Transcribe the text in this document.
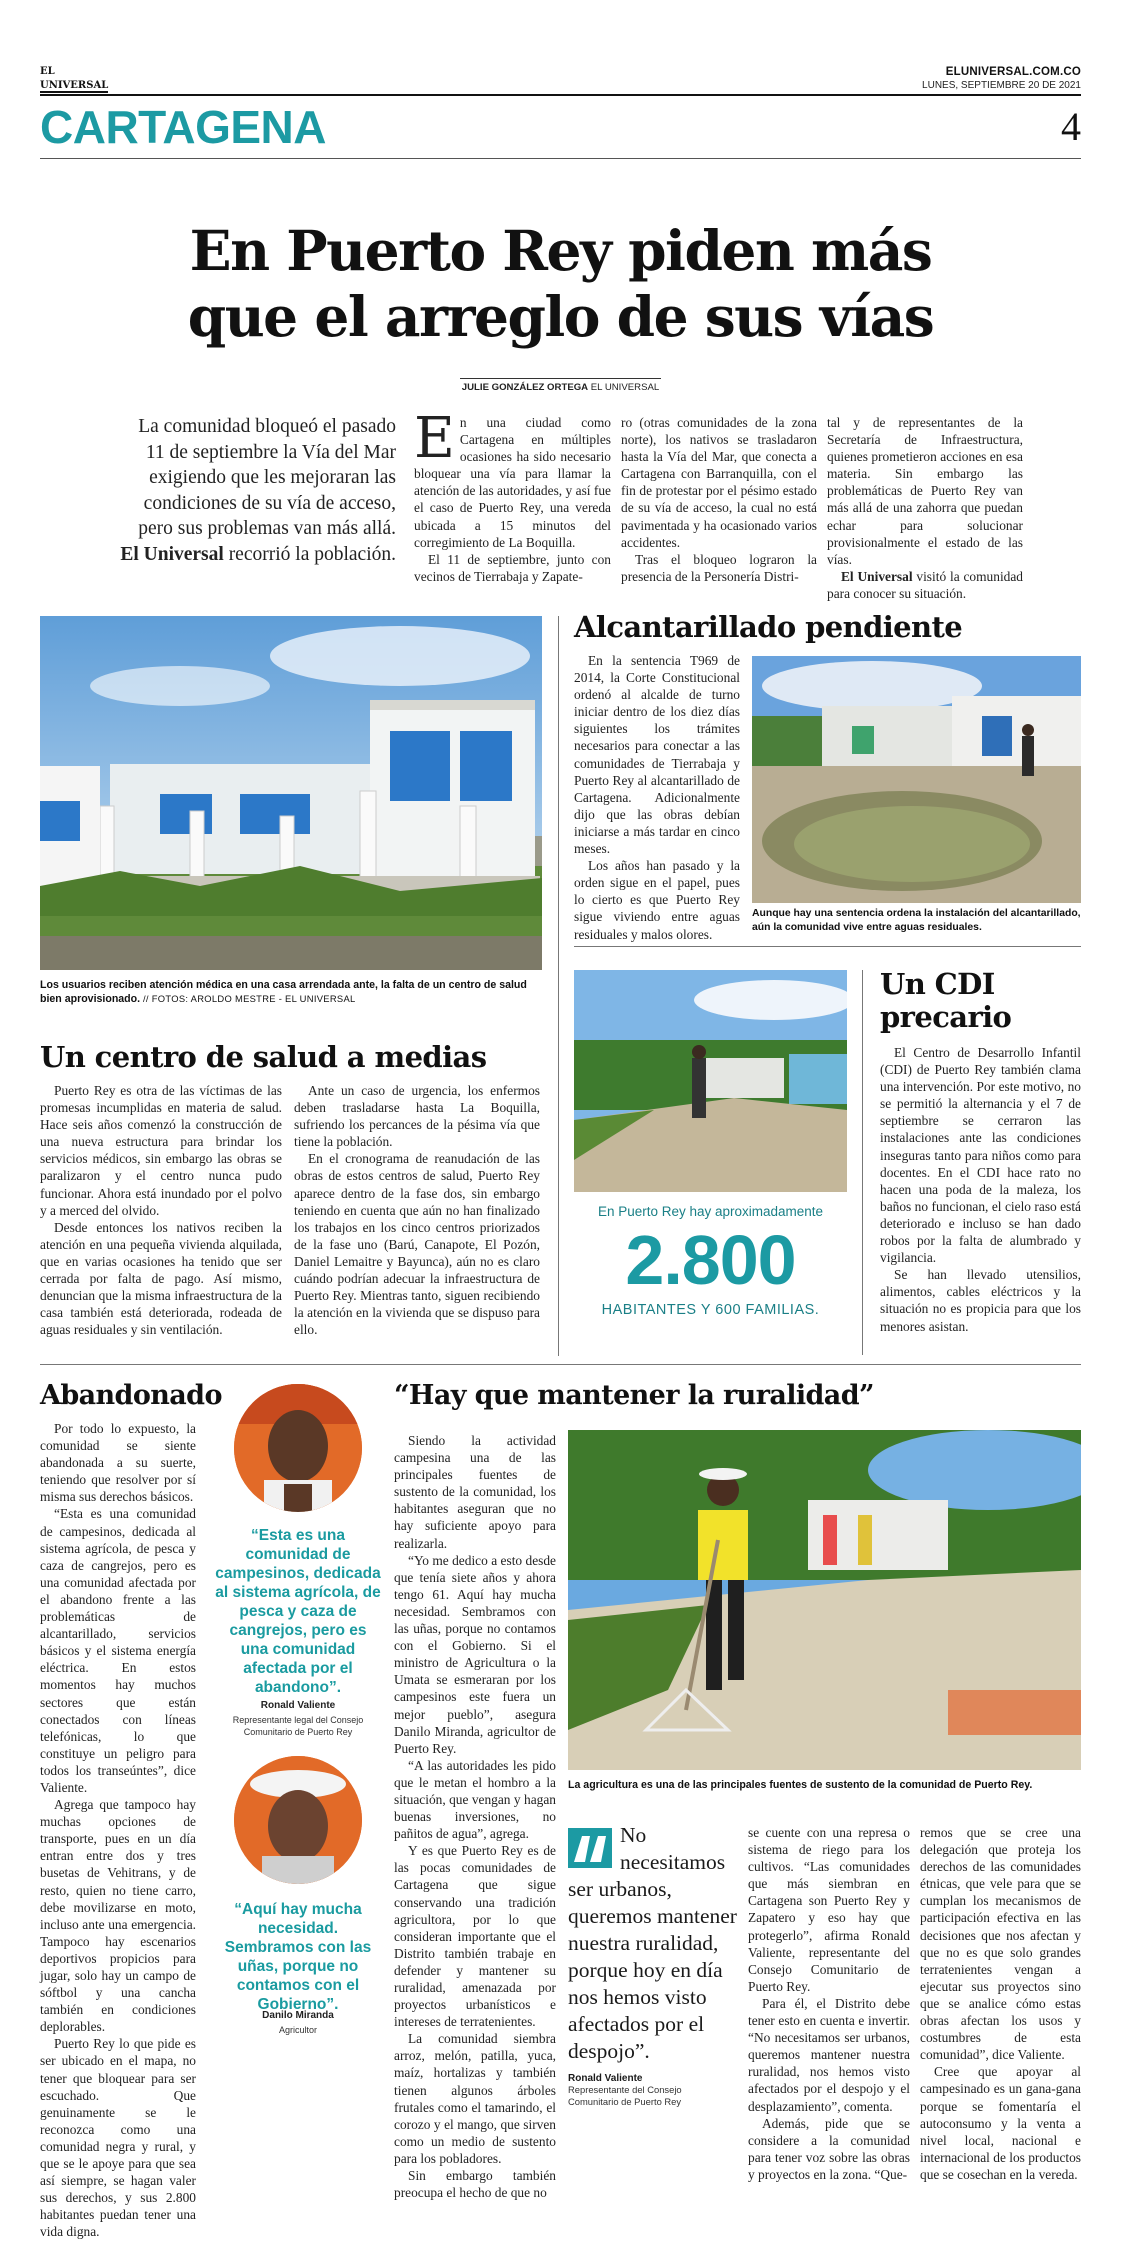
EL
UNIVERSAL
ELUNIVERSAL.COM.CO
LUNES, SEPTIEMBRE 20 DE 2021
CARTAGENA	4
En Puerto Rey piden más
que el arreglo de sus vías
JULIE GONZÁLEZ ORTEGA EL UNIVERSAL
La comunidad bloqueó el pasado
11 de septiembre la Vía del Mar
exigiendo que les mejoraran las
condiciones de su vía de acceso,
pero sus problemas van más allá.
El Universal recorrió la población.

En una ciudad como Cartagena en múltiples ocasiones ha sido necesario bloquear una vía para llamar la atención de las autoridades, y así fue el caso de Puerto Rey, una vereda ubicada a 15 minutos del corregimiento de La Boquilla.

El 11 de septiembre, junto con vecinos de Tierrabaja y Zapate-

ro (otras comunidades de la zona norte), los nativos se trasladaron hasta la Vía del Mar, que conecta a Cartagena con Barranquilla, con el fin de protestar por el pésimo estado de su vía de acceso, la cual no está pavimentada y ha ocasionado varios accidentes.

Tras el bloqueo lograron la presencia de la Personería Distri-

tal y de representantes de la Secretaría de Infraestructura, quienes prometieron acciones en esa materia. Sin embargo las problemáticas de Puerto Rey van más allá de una zahorra que puedan echar para solucionar provisionalmente el estado de las vías.

El Universal visitó la comunidad para conocer su situación.

Los usuarios reciben atención médica en una casa arrendada ante, la falta de un centro de salud bien aprovisionado. // FOTOS: AROLDO MESTRE - EL UNIVERSAL
Alcantarillado pendiente

En la sentencia T969 de 2014, la Corte Constitucional ordenó al alcalde de turno iniciar dentro de los diez días siguientes los trámites necesarios para conectar a las comunidades de Tierrabaja y Puerto Rey al alcantarillado de Cartagena. Adicionalmente dijo que las obras debían iniciarse a más tardar en cinco meses.

Los años han pasado y la orden sigue en el papel, pues lo cierto es que Puerto Rey sigue viviendo entre aguas residuales y malos olores.

Aunque hay una sentencia ordena la instalación del alcantarillado, aún la comunidad vive entre aguas residuales.
Un centro de salud a medias

Puerto Rey es otra de las víctimas de las promesas incumplidas en materia de salud. Hace seis años comenzó la construcción de una nueva estructura para brindar los servicios médicos, sin embargo las obras se paralizaron y el centro nunca pudo funcionar. Ahora está inundado por el polvo y a merced del olvido.

Desde entonces los nativos reciben la atención en una pequeña vivienda alquilada, que en varias ocasiones ha tenido que ser cerrada por falta de pago. Así mismo, denuncian que la misma infraestructura de la casa también está deteriorada, rodeada de aguas residuales y sin ventilación.

Ante un caso de urgencia, los enfermos deben trasladarse hasta La Boquilla, sufriendo los percances de la pésima vía que tiene la población.

En el cronograma de reanudación de las obras de estos centros de salud, Puerto Rey aparece dentro de la fase dos, sin embargo teniendo en cuenta que aún no han finalizado los trabajos en los cinco centros priorizados de la fase uno (Barú, Canapote, El Pozón, Daniel Lemaitre y Bayunca), aún no es claro cuándo podrían adecuar la infraestructura de Puerto Rey. Mientras tanto, siguen recibiendo la atención en la vivienda que se dispuso para ello.

En Puerto Rey hay aproximadamente
2.800
HABITANTES Y 600 FAMILIAS.
Un CDI
precario

El Centro de Desarrollo Infantil (CDI) de Puerto Rey también clama una intervención. Por este motivo, no se permitió la alternancia y el 7 de septiembre se cerraron las instalaciones ante las condiciones inseguras tanto para niños como para docentes. En el CDI hace rato no hacen una poda de la maleza, los baños no funcionan, el cielo raso está deteriorado e incluso se han dado robos por la falta de alumbrado y vigilancia.

Se han llevado utensilios, alimentos, cables eléctricos y la situación no es propicia para que los menores asistan.

Abandonado

Por todo lo expuesto, la comunidad se siente abandonada a su suerte, teniendo que resolver por sí misma sus derechos básicos.

“Esta es una comunidad de campesinos, dedicada al sistema agrícola, de pesca y caza de cangrejos, pero es una comunidad afectada por el abandono frente a las problemáticas de alcantarillado, servicios básicos y el sistema energía eléctrica. En estos momentos hay muchos sectores que están conectados con líneas telefónicas, lo que constituye un peligro para todos los transeúntes”, dice Valiente.

Agrega que tampoco hay muchas opciones de transporte, pues en un día entran entre dos y tres busetas de Vehitrans, y de resto, quien no tiene carro, debe movilizarse en moto, incluso ante una emergencia. Tampoco hay escenarios deportivos propicios para jugar, solo hay un campo de sóftbol y una cancha también en condiciones deplorables.

Puerto Rey lo que pide es ser ubicado en el mapa, no tener que bloquear para ser escuchado. Que genuinamente se le reconozca como una comunidad negra y rural, y que se le apoye para que sea así siempre, se hagan valer sus derechos, y sus 2.800 habitantes puedan tener una vida digna.

“Esta es una comunidad de campesinos, dedicada al sistema agrícola, de pesca y caza de cangrejos, pero es una comunidad afectada por el abandono”.
Ronald Valiente
Representante legal del Consejo Comunitario de Puerto Rey
“Aquí hay mucha necesidad. Sembramos con las uñas, porque no contamos con el Gobierno”.
Danilo Miranda
Agricultor
“Hay que mantener la ruralidad”

Siendo la actividad campesina una de las principales fuentes de sustento de la comunidad, los habitantes aseguran que no hay suficiente apoyo para realizarla.

“Yo me dedico a esto desde que tenía siete años y ahora tengo 61. Aquí hay mucha necesidad. Sembramos con las uñas, porque no contamos con el Gobierno. Si el ministro de Agricultura o la Umata se esmeraran por los campesinos este fuera un mejor pueblo”, asegura Danilo Miranda, agricultor de Puerto Rey.

“A las autoridades les pido que le metan el hombro a la situación, que vengan y hagan buenas inversiones, no pañitos de agua”, agrega.

Y es que Puerto Rey es de las pocas comunidades de Cartagena que sigue conservando una tradición agricultora, por lo que consideran importante que el Distrito también trabaje en defender y mantener su ruralidad, amenazada por proyectos urbanísticos e intereses de terratenientes.

La comunidad siembra arroz, melón, patilla, yuca, maíz, hortalizas y también tienen algunos árboles frutales como el tamarindo, el corozo y el mango, que sirven como un medio de sustento para los pobladores.

Sin embargo también preocupa el hecho de que no

La agricultura es una de las principales fuentes de sustento de la comunidad de Puerto Rey.
No necesitamos ser urbanos, queremos mantener nuestra ruralidad, porque hoy en día nos hemos visto afectados por el despojo”.
Ronald Valiente
Representante del Consejo Comunitario de Puerto Rey

se cuente con una represa o sistema de riego para los cultivos. “Las comunidades que más siembran en Cartagena son Puerto Rey y Zapatero y eso hay que protegerlo”, afirma Ronald Valiente, representante del Consejo Comunitario de Puerto Rey.

Para él, el Distrito debe tener esto en cuenta e invertir. “No necesitamos ser urbanos, queremos mantener nuestra ruralidad, nos hemos visto afectados por el despojo y el desplazamiento”, comenta.

Además, pide que se considere a la comunidad para tener voz sobre las obras y proyectos en la zona. “Que-

remos que se cree una delegación que proteja los derechos de las comunidades étnicas, que vele para que se cumplan los mecanismos de participación efectiva en las decisiones que nos afectan y que no es que solo grandes terratenientes vengan a ejecutar sus proyectos sino que se analice cómo estas obras afectan los usos y costumbres de esta comunidad”, dice Valiente.

Cree que apoyar al campesinado es un gana-gana porque se fomentaría el autoconsumo y la venta a nivel local, nacional e internacional de los productos que se cosechan en la vereda.
